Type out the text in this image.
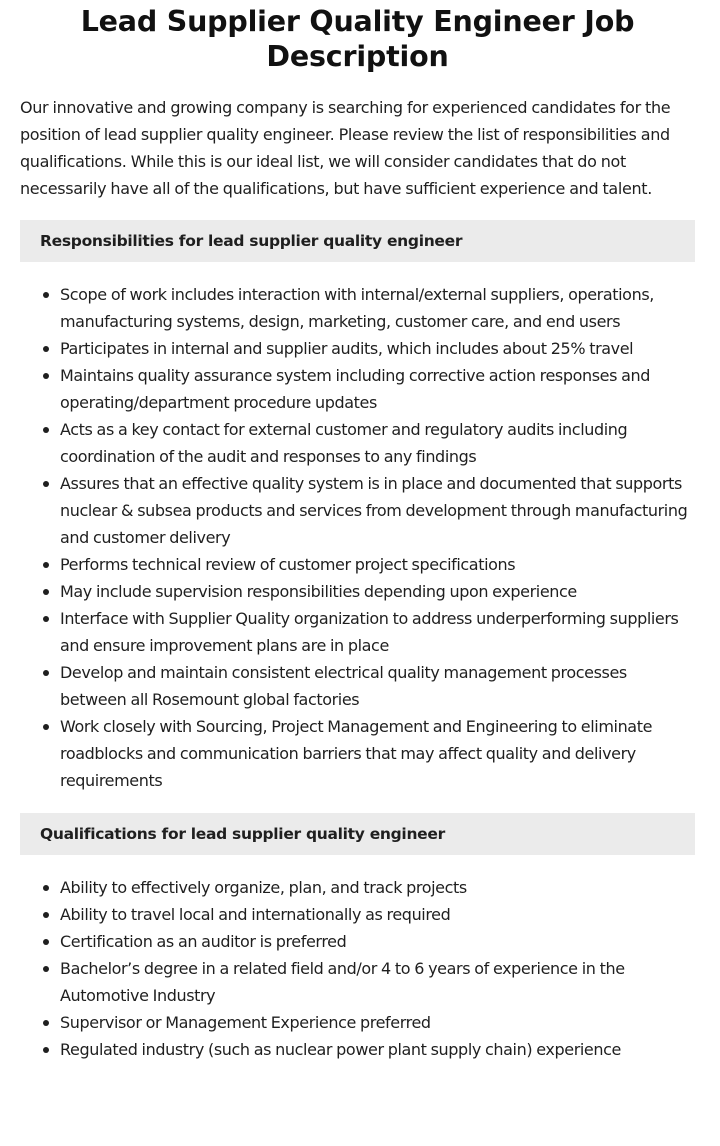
Lead Supplier Quality Engineer Job Description

Our innovative and growing company is searching for experienced candidates for the position of lead supplier quality engineer. Please review the list of responsibilities and qualifications. While this is our ideal list, we will consider candidates that do not necessarily have all of the qualifications, but have sufficient experience and talent.

Responsibilities for lead supplier quality engineer
Scope of work includes interaction with internal/external suppliers, operations, manufacturing systems, design, marketing, customer care, and end users
Participates in internal and supplier audits, which includes about 25% travel
Maintains quality assurance system including corrective action responses and operating/department procedure updates
Acts as a key contact for external customer and regulatory audits including coordination of the audit and responses to any findings
Assures that an effective quality system is in place and documented that supports nuclear & subsea products and services from development through manufacturing and customer delivery
Performs technical review of customer project specifications
May include supervision responsibilities depending upon experience
Interface with Supplier Quality organization to address underperforming suppliers and ensure improvement plans are in place
Develop and maintain consistent electrical quality management processes between all Rosemount global factories
Work closely with Sourcing, Project Management and Engineering to eliminate roadblocks and communication barriers that may affect quality and delivery requirements
Qualifications for lead supplier quality engineer
Ability to effectively organize, plan, and track projects
Ability to travel local and internationally as required
Certification as an auditor is preferred
Bachelor’s degree in a related field and/or 4 to 6 years of experience in the Automotive Industry
Supervisor or Management Experience preferred
Regulated industry (such as nuclear power plant supply chain) experience
